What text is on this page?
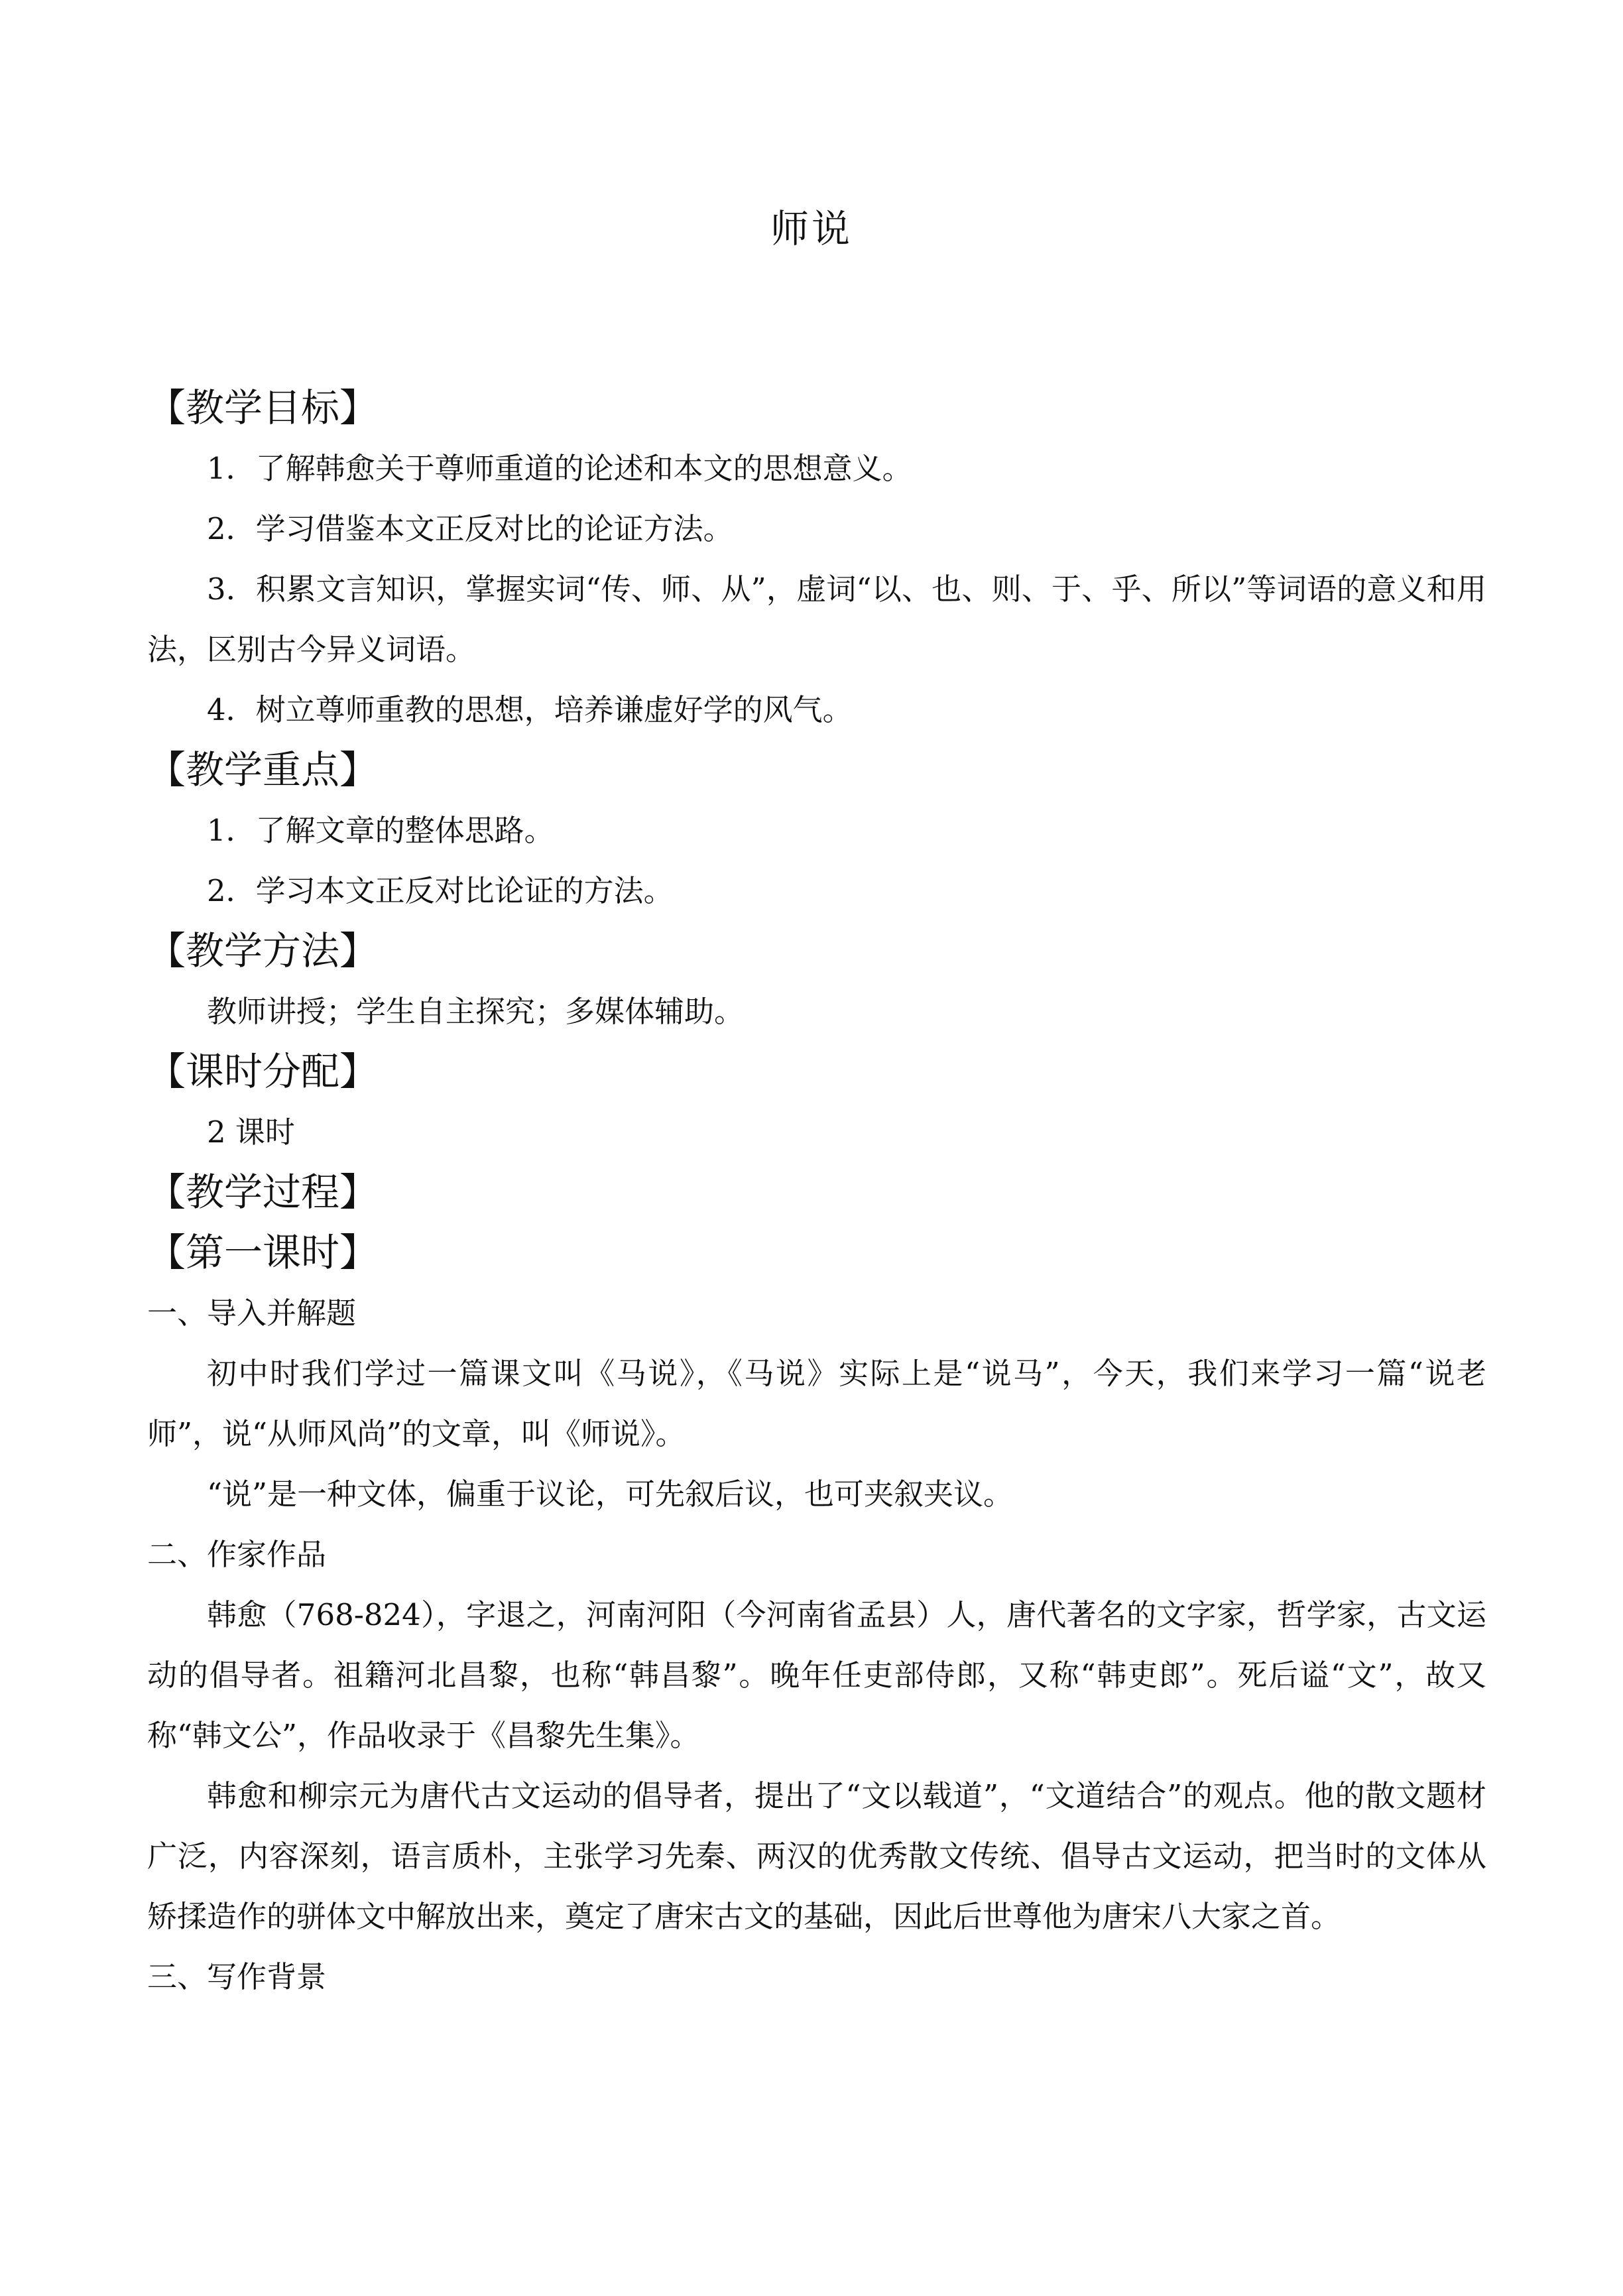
师说
【教学目标】

1．了解韩愈关于尊师重道的论述和本文的思想意义。

2．学习借鉴本文正反对比的论证方法。

3．积累文言知识，掌握实词“传、师、从”，虚词“以、也、则、于、乎、所以”等词语的意义和用法，区别古今异义词语。

4．树立尊师重教的思想，培养谦虚好学的风气。

【教学重点】

1．了解文章的整体思路。

2．学习本文正反对比论证的方法。

【教学方法】

教师讲授；学生自主探究；多媒体辅助。

【课时分配】

2 课时

【教学过程】
【第一课时】
一、导入并解题

初中时我们学过一篇课文叫《马说》，《马说》实际上是“说马”，今天，我们来学习一篇“说老师”，说“从师风尚”的文章，叫《师说》。

“说”是一种文体，偏重于议论，可先叙后议，也可夹叙夹议。

二、作家作品

韩愈（768-824），字退之，河南河阳（今河南省孟县）人，唐代著名的文字家，哲学家，古文运动的倡导者。祖籍河北昌黎，也称“韩昌黎”。晚年任吏部侍郎，又称“韩吏郎”。死后谥“文”，故又称“韩文公”，作品收录于《昌黎先生集》。

韩愈和柳宗元为唐代古文运动的倡导者，提出了“文以载道”，“文道结合”的观点。他的散文题材广泛，内容深刻，语言质朴，主张学习先秦、两汉的优秀散文传统、倡导古文运动，把当时的文体从矫揉造作的骈体文中解放出来，奠定了唐宋古文的基础，因此后世尊他为唐宋八大家之首。

三、写作背景
